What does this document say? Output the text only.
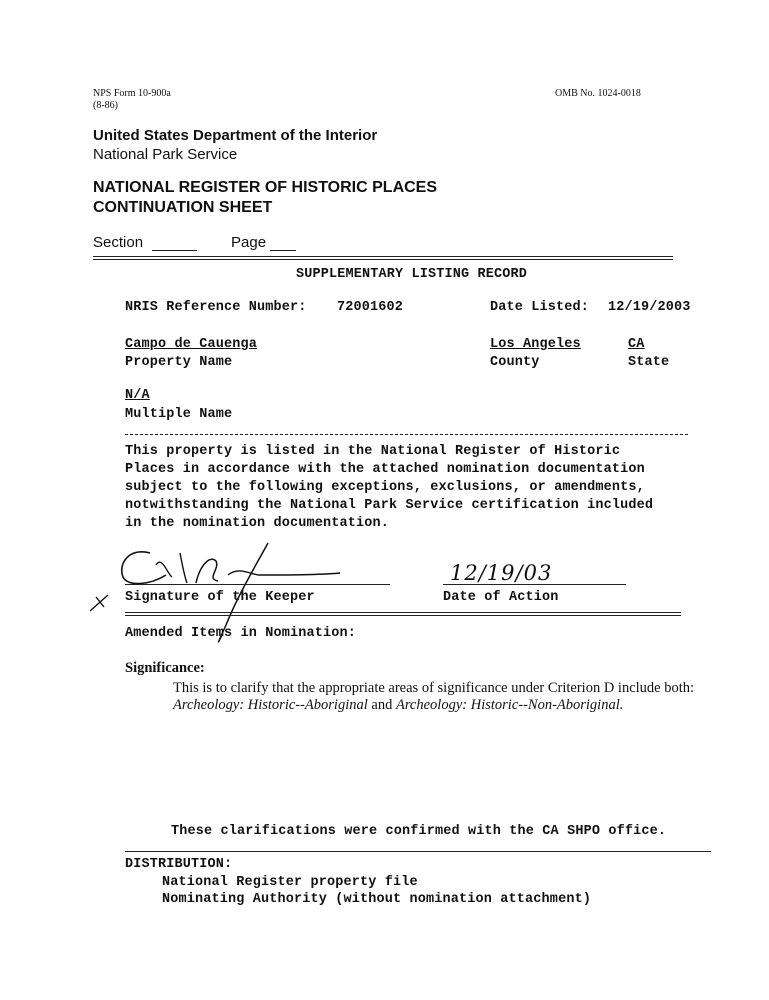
NPS Form 10-900a
(8-86)
OMB No. 1024-0018
United States Department of the Interior
National Park Service
NATIONAL REGISTER OF HISTORIC PLACES
CONTINUATION SHEET
Section	Page
SUPPLEMENTARY LISTING RECORD
NRIS Reference Number: 72001602	Date Listed: 12/19/2003
Campo de Cauenga
Property Name
Los Angeles
County
CA
State
N/A
Multiple Name
This property is listed in the National Register of Historic
Places in accordance with the attached nomination documentation
subject to the following exceptions, exclusions, or amendments,
notwithstanding the National Park Service certification included
in the nomination documentation.
Signature of the Keeper
12/19/03
Date of Action
Amended Items in Nomination:
Significance:
This is to clarify that the appropriate areas of significance under Criterion D include both:
Archeology: Historic--Aboriginal and Archeology: Historic--Non-Aboriginal.
These clarifications were confirmed with the CA SHPO office.
DISTRIBUTION:
National Register property file
Nominating Authority (without nomination attachment)
